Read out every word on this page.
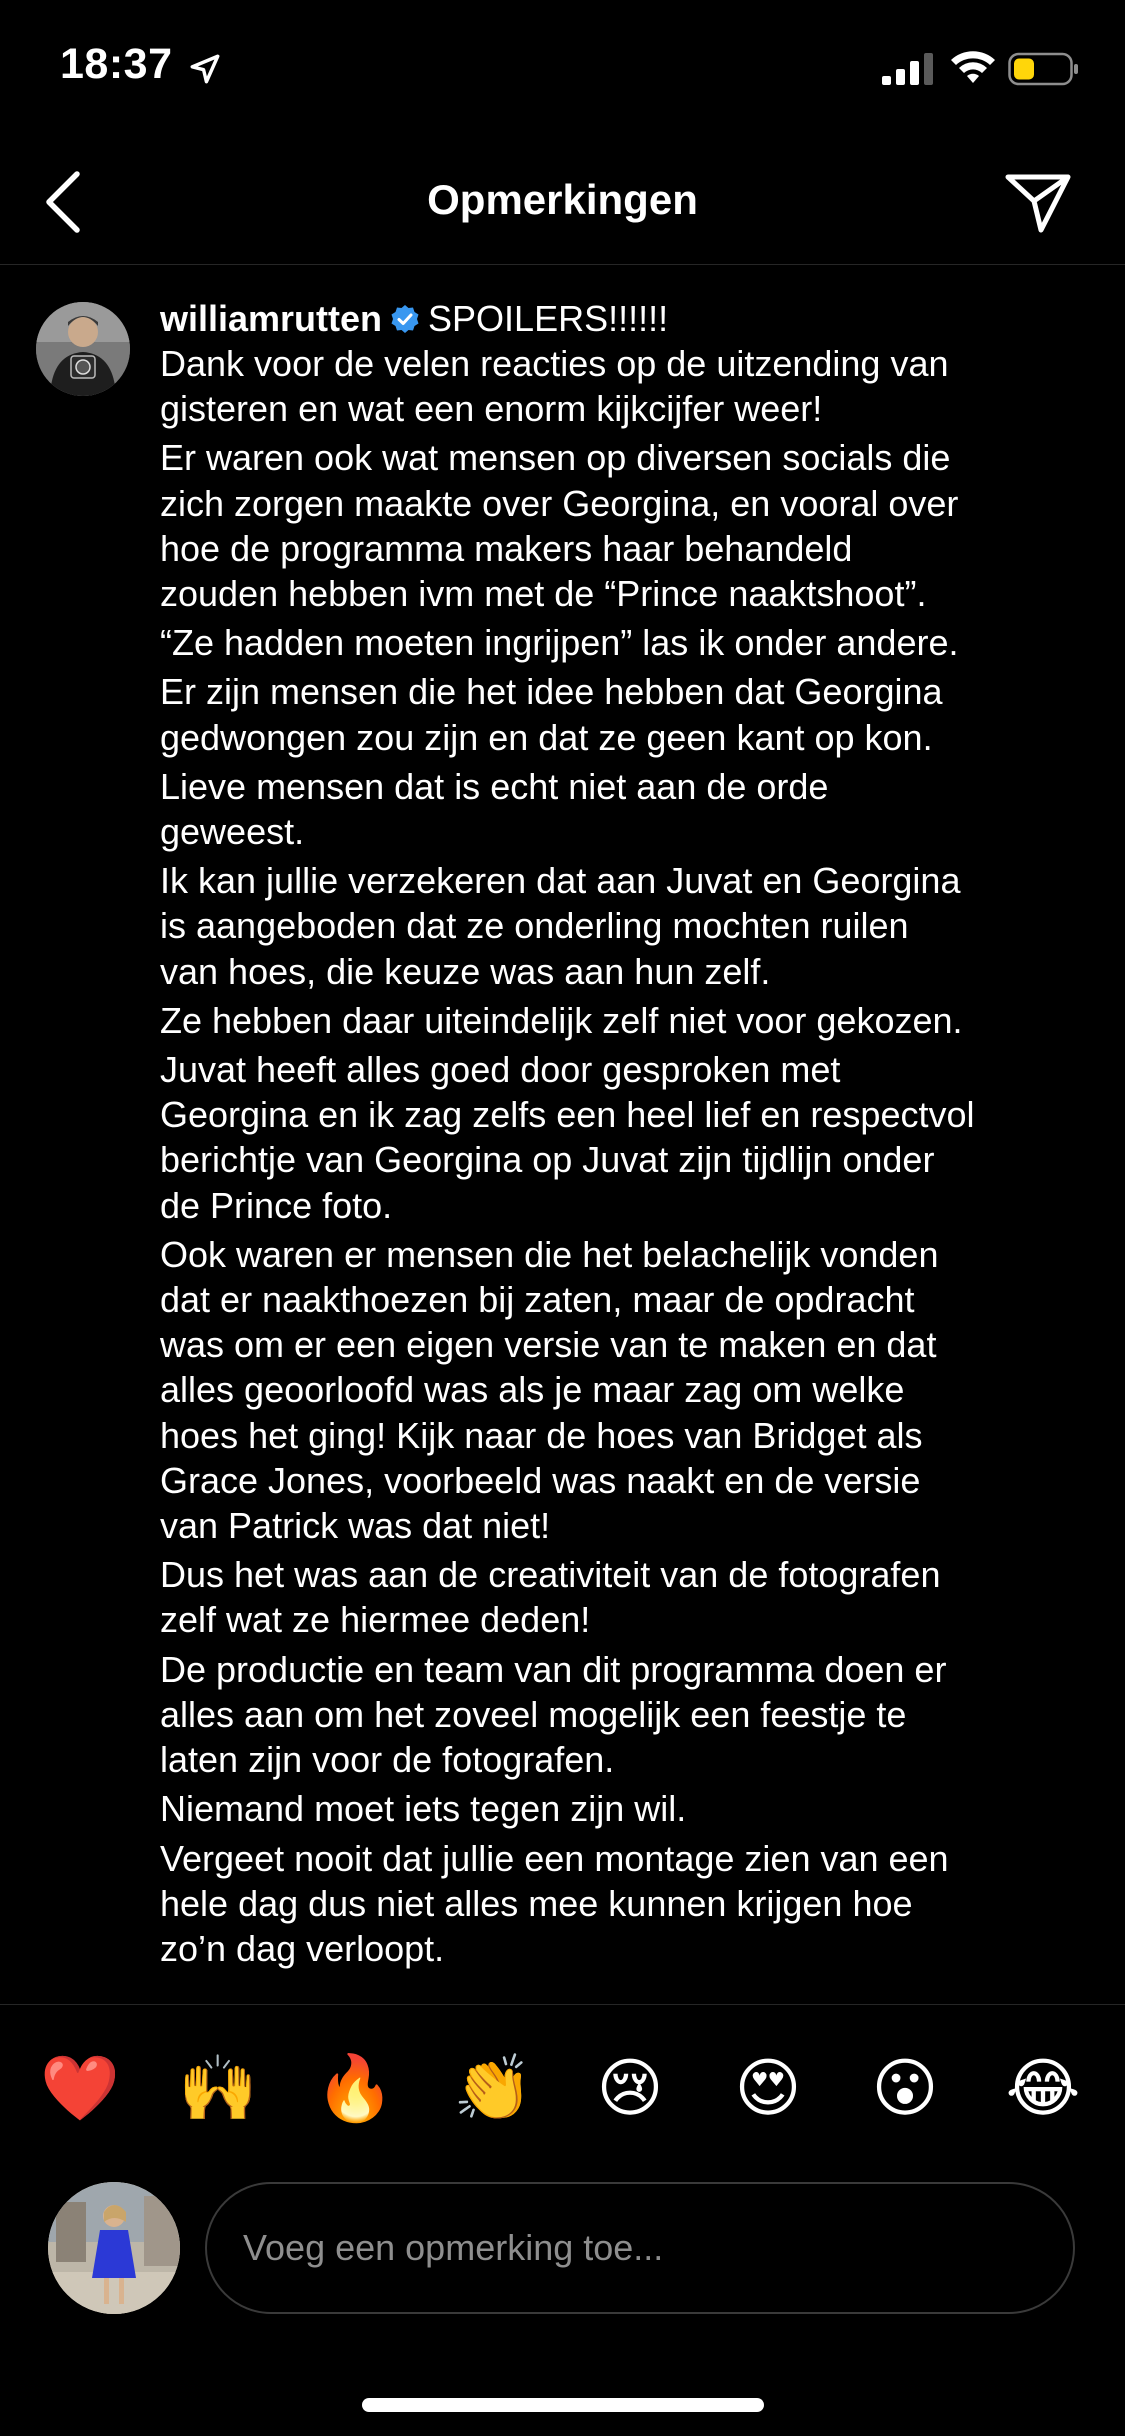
18:37
Opmerkingen
williamrutten SPOILERS!!!!!!
Dank voor de velen reacties op de uitzending van
gisteren en wat een enorm kijkcijfer weer!
Er waren ook wat mensen op diversen socials die
zich zorgen maakte over Georgina, en vooral over
hoe de programma makers haar behandeld
zouden hebben ivm met de “Prince naaktshoot”.
“Ze hadden moeten ingrijpen” las ik onder andere.
Er zijn mensen die het idee hebben dat Georgina
gedwongen zou zijn en dat ze geen kant op kon.
Lieve mensen dat is echt niet aan de orde
geweest.
Ik kan jullie verzekeren dat aan Juvat en Georgina
is aangeboden dat ze onderling mochten ruilen
van hoes, die keuze was aan hun zelf.
Ze hebben daar uiteindelijk zelf niet voor gekozen.
Juvat heeft alles goed door gesproken met
Georgina en ik zag zelfs een heel lief en respectvol
berichtje van Georgina op Juvat zijn tijdlijn onder
de Prince foto.
Ook waren er mensen die het belachelijk vonden
dat er naakthoezen bij zaten, maar de opdracht
was om er een eigen versie van te maken en dat
alles geoorloofd was als je maar zag om welke
hoes het ging! Kijk naar de hoes van Bridget als
Grace Jones, voorbeeld was naakt en de versie
van Patrick was dat niet!
Dus het was aan de creativiteit van de fotografen
zelf wat ze hiermee deden!
De productie en team van dit programma doen er
alles aan om het zoveel mogelijk een feestje te
laten zijn voor de fotografen.
Niemand moet iets tegen zijn wil.
Vergeet nooit dat jullie een montage zien van een
hele dag dus niet alles mee kunnen krijgen hoe
zo’n dag verloopt.
❤️ 🙌 🔥 👏 😢 😍 😮 😂
Voeg een opmerking toe...
